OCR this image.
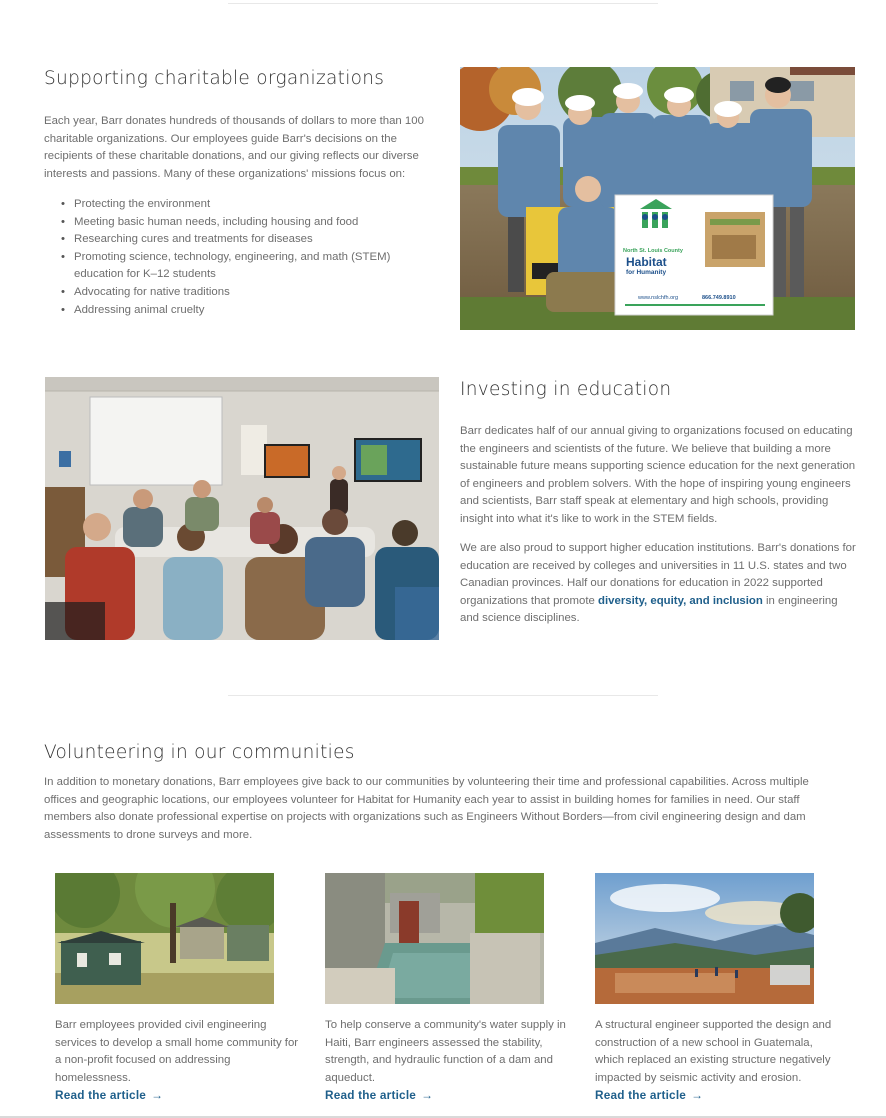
Supporting charitable organizations

Each year, Barr donates hundreds of thousands of dollars to more than 100 charitable organizations. Our employees guide Barr's decisions on the recipients of these charitable donations, and our giving reflects our diverse interests and passions. Many of these organizations' missions focus on:

• Protecting the environment
• Meeting basic human needs, including housing and food
• Researching cures and treatments for diseases
• Promoting science, technology, engineering, and math (STEM) education for K–12 students
• Advocating for native traditions
• Addressing animal cruelty
North St. Louis County
Habitat
for Humanity
www.nslchfh.org	866.749.8910
Investing in education

Barr dedicates half of our annual giving to organizations focused on educating the engineers and scientists of the future. We believe that building a more sustainable future means supporting science education for the next generation of engineers and problem solvers. With the hope of inspiring young engineers and scientists, Barr staff speak at elementary and high schools, providing insight into what it's like to work in the STEM fields.

We are also proud to support higher education institutions. Barr's donations for education are received by colleges and universities in 11 U.S. states and two Canadian provinces. Half our donations for education in 2022 supported organizations that promote diversity, equity, and inclusion in engineering and science disciplines.

Volunteering in our communities

In addition to monetary donations, Barr employees give back to our communities by volunteering their time and professional capabilities. Across multiple offices and geographic locations, our employees volunteer for Habitat for Humanity each year to assist in building homes for families in need. Our staff members also donate professional expertise on projects with organizations such as Engineers Without Borders—from civil engineering design and dam assessments to drone surveys and more.

Barr employees provided civil engineering services to develop a small home community for a non-profit focused on addressing homelessness.

Read the article →

To help conserve a community's water supply in Haiti, Barr engineers assessed the stability, strength, and hydraulic function of a dam and aqueduct.

Read the article →

A structural engineer supported the design and construction of a new school in Guatemala, which replaced an existing structure negatively impacted by seismic activity and erosion.

Read the article →
